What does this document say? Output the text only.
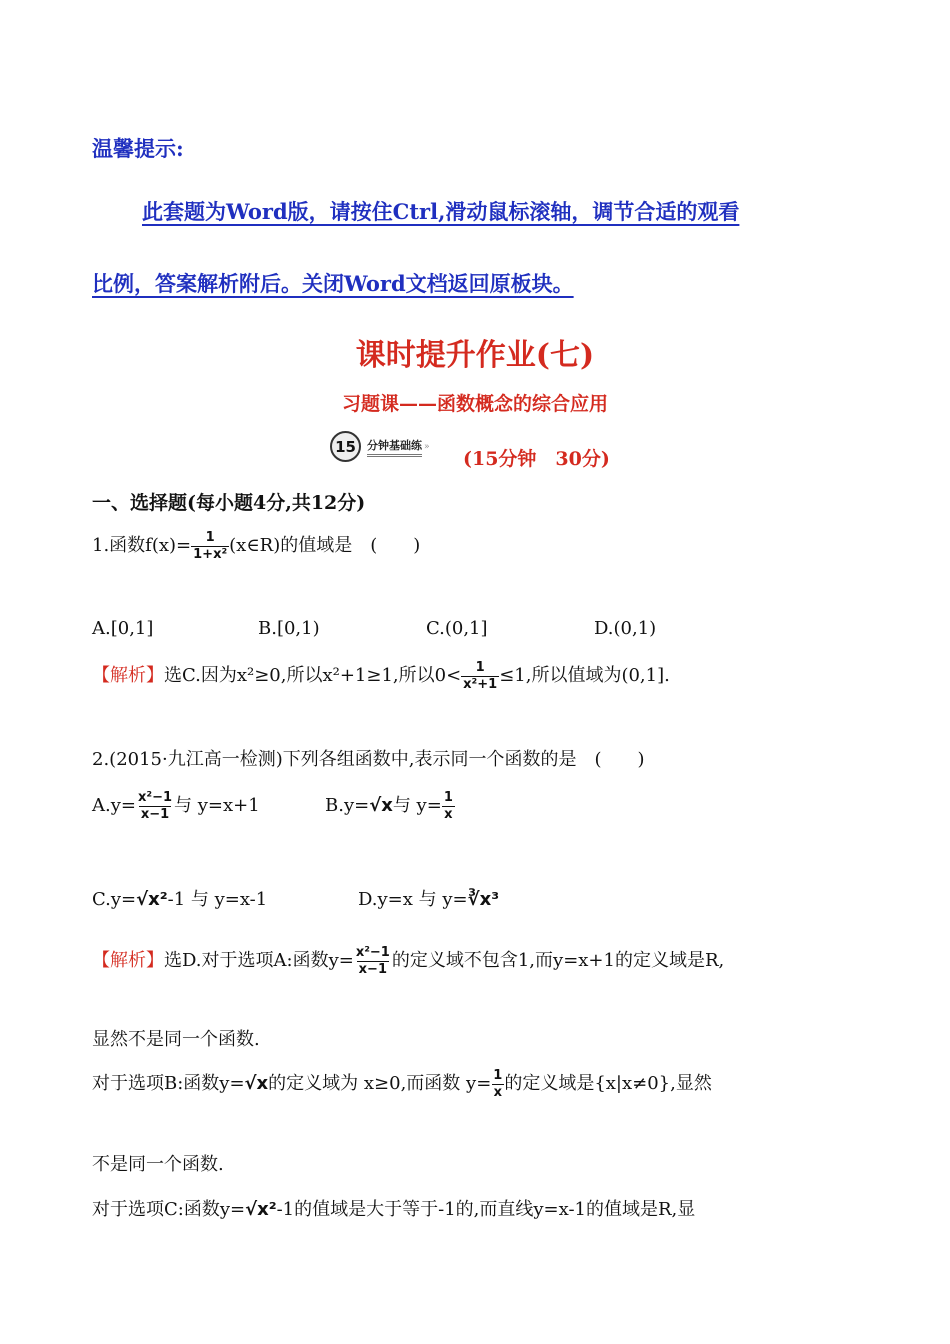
温馨提示:
此套题为Word版，请按住Ctrl,滑动鼠标滚轴，调节合适的观看
比例，答案解析附后。关闭Word文档返回原板块。
课时提升作业(七)
习题课——函数概念的综合应用
15	分钟基础练 »
(15分钟　30分)
一、选择题(每小题4分,共12分)
1.函数$f(x)= \frac{1}{\text{1+x²}}$ (x∈R)的值域是　(　　)
A.[0,1]	B.[0,1)	C.(0,1]	D.(0,1)
【解析】选C.因为x²≥0,所以x²+1≥1,所以$0< \frac{1}{\text{x²+1}} \le 1$,所以值域为(0,1].
2.(2015·九江高一检测)下列各组函数中,表示同一个函数的是　(　　)
$A.y= \frac{\text{x²−1}}{x-1}$ 与 y=x+1	B.y=√x与 $y= \frac{1}{x}$
C.y=√x²-1 与 y=x-1	D.y=x 与 y=∛x³
【解析】选D.对于选项A:函数$y= \frac{\text{x²−1}}{x-1}$ 的定义域不包含1,而y=x+1的定义域是R,
显然不是同一个函数.
对于选项B:函数y=√x的定义域为 x≥0,而函数 $y= \frac{1}{x}$ 的定义域是{x|x≠0},显然
不是同一个函数.
对于选项C:函数y=√x²-1的值域是大于等于-1的,而直线y=x-1的值域是R,显
